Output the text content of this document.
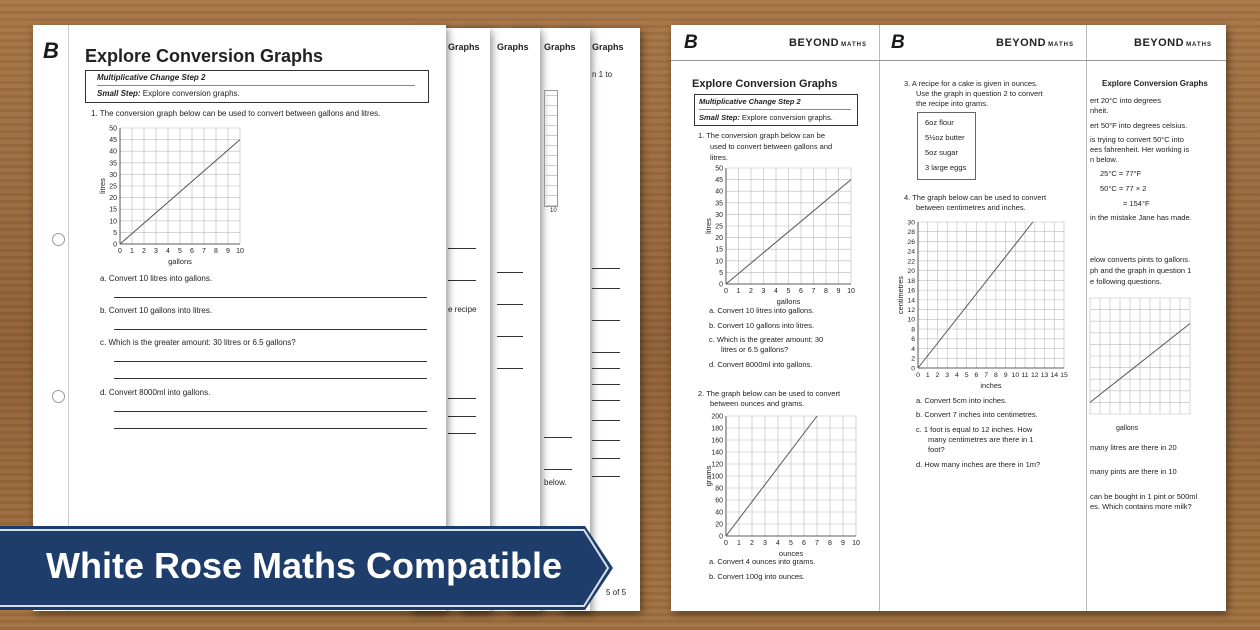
Graphs Graphs Graphs Graphs
n 1 to
e recipe
below.
10
B Explore Conversion Graphs
Multiplicative Change Step 2
Small Step: Explore conversion graphs.
1. The conversion graph below can be used to convert between gallons and litres.
0 1 2 3 4 5 6 7 8 9 10
0
5
10
15
20
25
30
35
40
45
50
gallons
litres
a. Convert 10 litres into gallons.
b. Convert 10 gallons into litres.
c. Which is the greater amount: 30 litres or 6.5 gallons?
d. Convert 8000ml into gallons.
5 of 5
B	BEYOND MATHS B	BEYOND MATHS	BEYOND MATHS
Explore Conversion Graphs
Multiplicative Change Step 2
Small Step: Explore conversion graphs.
1. The conversion graph below can be
used to convert between gallons and
litres.
0 1 2 3 4 5 6 7 8 9 10
0
5
10
15
20
25
30
35
40
45
50
gallons
litres
a. Convert 10 litres into gallons.
b. Convert 10 gallons into litres.
c. Which is the greater amount: 30
litres or 6.5 gallons?
d. Convert 8000ml into gallons.
2. The graph below can be used to convert
between ounces and grams.
0 1 2 3 4 5 6 7 8 9 10
0
20
40
60
80
100
120
140
160
180
200
ounces
grams
a. Convert 4 ounces into grams.
b. Convert 100g into ounces.
3. A recipe for a cake is given in ounces.
Use the graph in question 2 to convert
the recipe into grams.
6oz flour
5½oz butter
5oz sugar
3 large eggs
4. The graph below can be used to convert
between centimetres and inches.
0 1 2 3 4 5 6 7 8 9 10 11 12 13 14 15
0
2
4
6
8
10
12
14
16
18
20
22
24
26
28
30
inches
centimetres
a. Convert 5cm into inches.
b. Convert 7 inches into centimetres.
c. 1 foot is equal to 12 inches. How
many centimetres are there in 1
foot?
d. How many inches are there in 1m?
Explore Conversion Graphs
ert 20°C into degrees
nheit.
ert 50°F into degrees celsius.
is trying to convert 50°C into
ees fahrenheit. Her working is
n below.
25°C = 77°F
50°C = 77 × 2
= 154°F
in the mistake Jane has made.
elow converts pints to gallons.
ph and the graph in question 1
e following questions.
many litres are there in 20
many pints are there in 10
can be bought in 1 pint or 500ml
es. Which contains more milk?
gallons
White Rose Maths Compatible
